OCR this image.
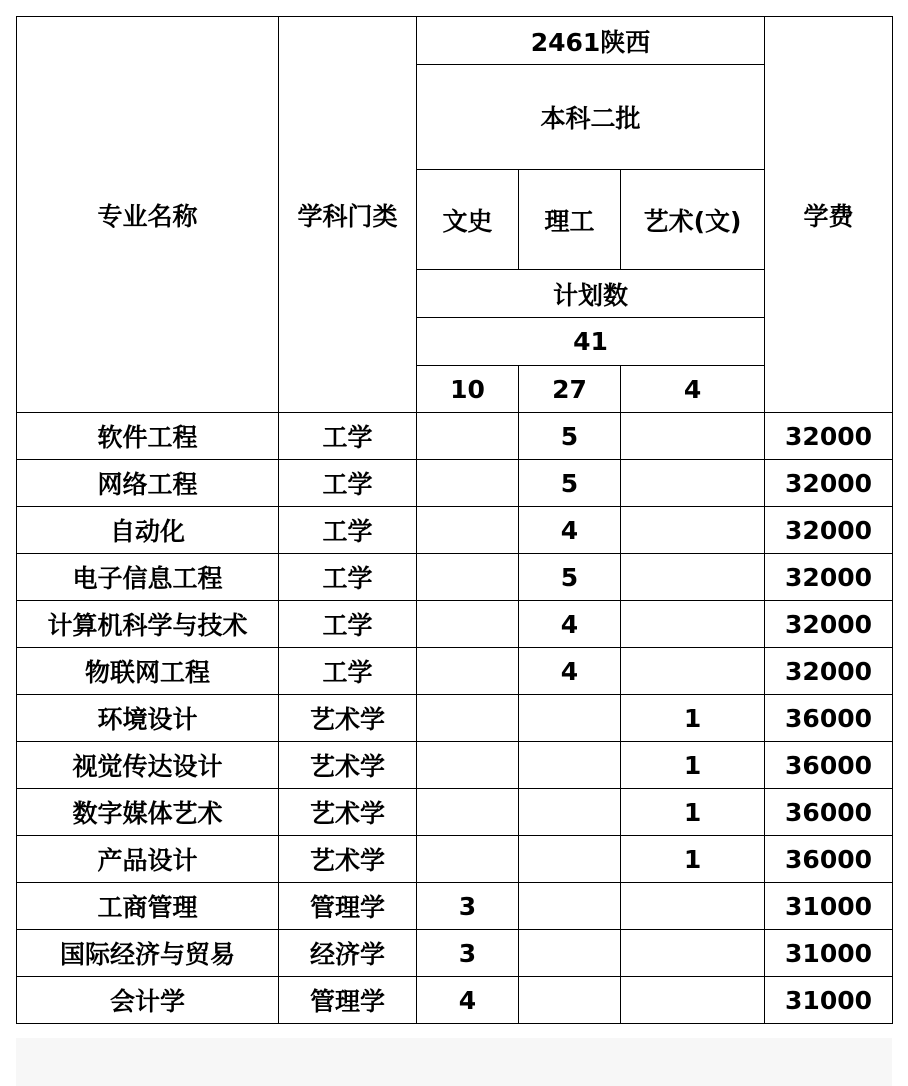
专业名称	学科门类	2461陕西			学费
		本科二批			
		文史	理工	艺术(文)	
		计划数			
		41			
		10	27	4	
软件工程	工学		5		32000
网络工程	工学		5		32000
自动化	工学		4		32000
电子信息工程	工学		5		32000
计算机科学与技术	工学		4		32000
物联网工程	工学		4		32000
环境设计	艺术学			1	36000
视觉传达设计	艺术学			1	36000
数字媒体艺术	艺术学			1	36000
产品设计	艺术学			1	36000
工商管理	管理学	3			31000
国际经济与贸易	经济学	3			31000
会计学	管理学	4			31000
